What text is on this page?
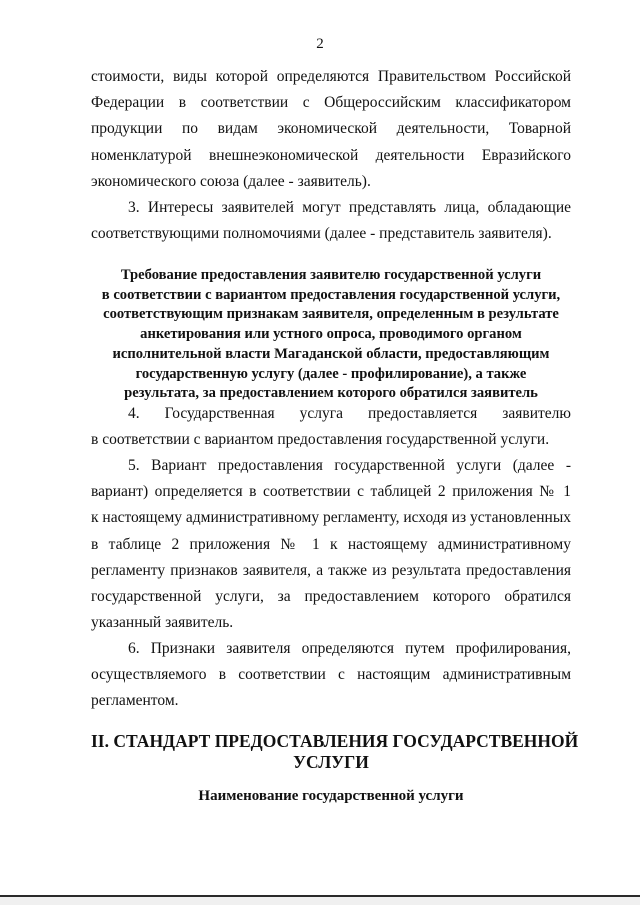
2
стоимости, виды которой определяются Правительством Российской
Федерации в соответствии с Общероссийским классификатором
продукции по видам экономической деятельности, Товарной
номенклатурой внешнеэкономической деятельности Евразийского
экономического союза (далее - заявитель).
3. Интересы заявителей могут представлять лица, обладающие
соответствующими полномочиями (далее - представитель заявителя).
Требование предоставления заявителю государственной услуги
в соответствии с вариантом предоставления государственной услуги,
соответствующим признакам заявителя, определенным в результате
анкетирования или устного опроса, проводимого органом
исполнительной власти Магаданской области, предоставляющим
государственную услугу (далее - профилирование), а также
результата, за предоставлением которого обратился заявитель
4. Государственная услуга предоставляется заявителю
в соответствии с вариантом предоставления государственной услуги.
5. Вариант предоставления государственной услуги (далее -
вариант) определяется в соответствии с таблицей 2 приложения № 1
к настоящему административному регламенту, исходя из установленных
в таблице 2 приложения № 1 к настоящему административному
регламенту признаков заявителя, а также из результата предоставления
государственной услуги, за предоставлением которого обратился
указанный заявитель.
6. Признаки заявителя определяются путем профилирования,
осуществляемого в соответствии с настоящим административным
регламентом.
II. СТАНДАРТ ПРЕДОСТАВЛЕНИЯ ГОСУДАРСТВЕННОЙ
УСЛУГИ
Наименование государственной услуги
